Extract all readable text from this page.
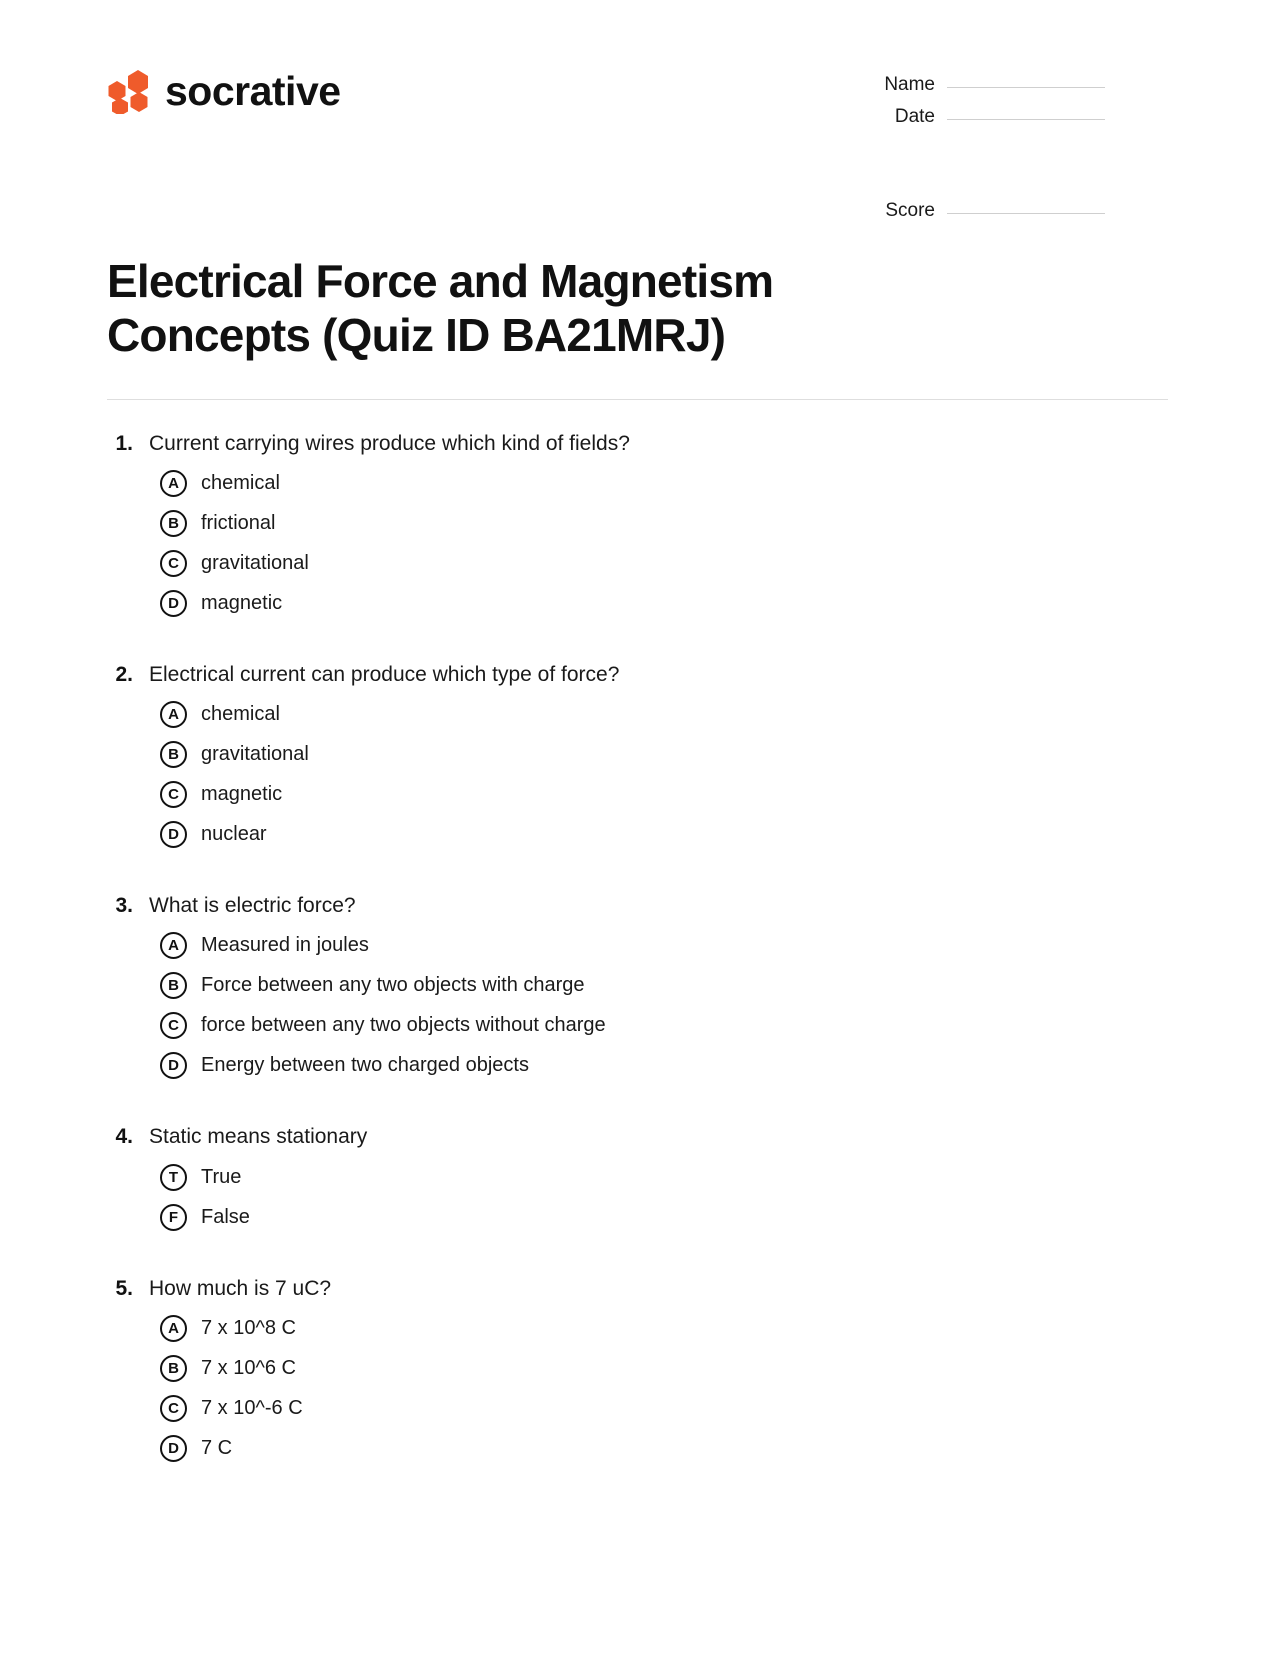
socrative	Name
Date
Score
Electrical Force and Magnetism Concepts (Quiz ID BA21MRJ)
1. Current carrying wires produce which kind of fields?
A	chemical
B	frictional
C	gravitational
D	magnetic
2. Electrical current can produce which type of force?
A	chemical
B	gravitational
C	magnetic
D	nuclear
3. What is electric force?
A	Measured in joules
B	Force between any two objects with charge
C	force between any two objects without charge
D	Energy between two charged objects
4. Static means stationary
T	True
F	False
5. How much is 7 uC?
A	7 x 10^8 C
B	7 x 10^6 C
C	7 x 10^-6 C
D	7 C
